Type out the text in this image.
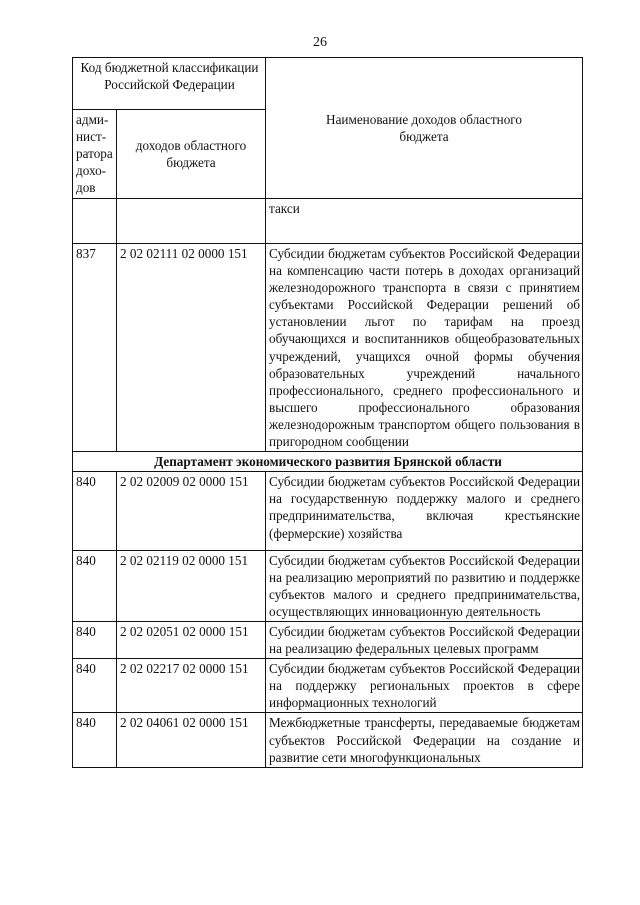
26
Код бюджетной классификации Российской Федерации		Наименование доходов областного бюджета
адми-нист-ратора дохо-дов	доходов областного бюджета	
		такси
837	2 02 02111 02 0000 151	Субсидии бюджетам субъектов Российской Федерации на компенсацию части потерь в доходах организаций железнодорожного транспорта в связи с принятием субъектами Российской Федерации решений об установлении льгот по тарифам на проезд обучающихся и воспитанников общеобразовательных учреждений, учащихся очной формы обучения образовательных учреждений начального профессионального, среднего профессионального и высшего профессионального образования железнодорожным транспортом общего пользования в пригородном сообщении
Департамент экономического развития Брянской области		
840	2 02 02009 02 0000 151	Субсидии бюджетам субъектов Российской Федерации на государственную поддержку малого и среднего предпринимательства, включая крестьянские (фермерские) хозяйства
840	2 02 02119 02 0000 151	Субсидии бюджетам субъектов Российской Федерации на реализацию мероприятий по развитию и поддержке субъектов малого и среднего предпринимательства, осуществляющих инновационную деятельность
840	2 02 02051 02 0000 151	Субсидии бюджетам субъектов Российской Федерации на реализацию федеральных целевых программ
840	2 02 02217 02 0000 151	Субсидии бюджетам субъектов Российской Федерации на поддержку региональных проектов в сфере информационных технологий
840	2 02 04061 02 0000 151	Межбюджетные трансферты, передаваемые бюджетам субъектов Российской Федерации на создание и развитие сети многофункциональных
